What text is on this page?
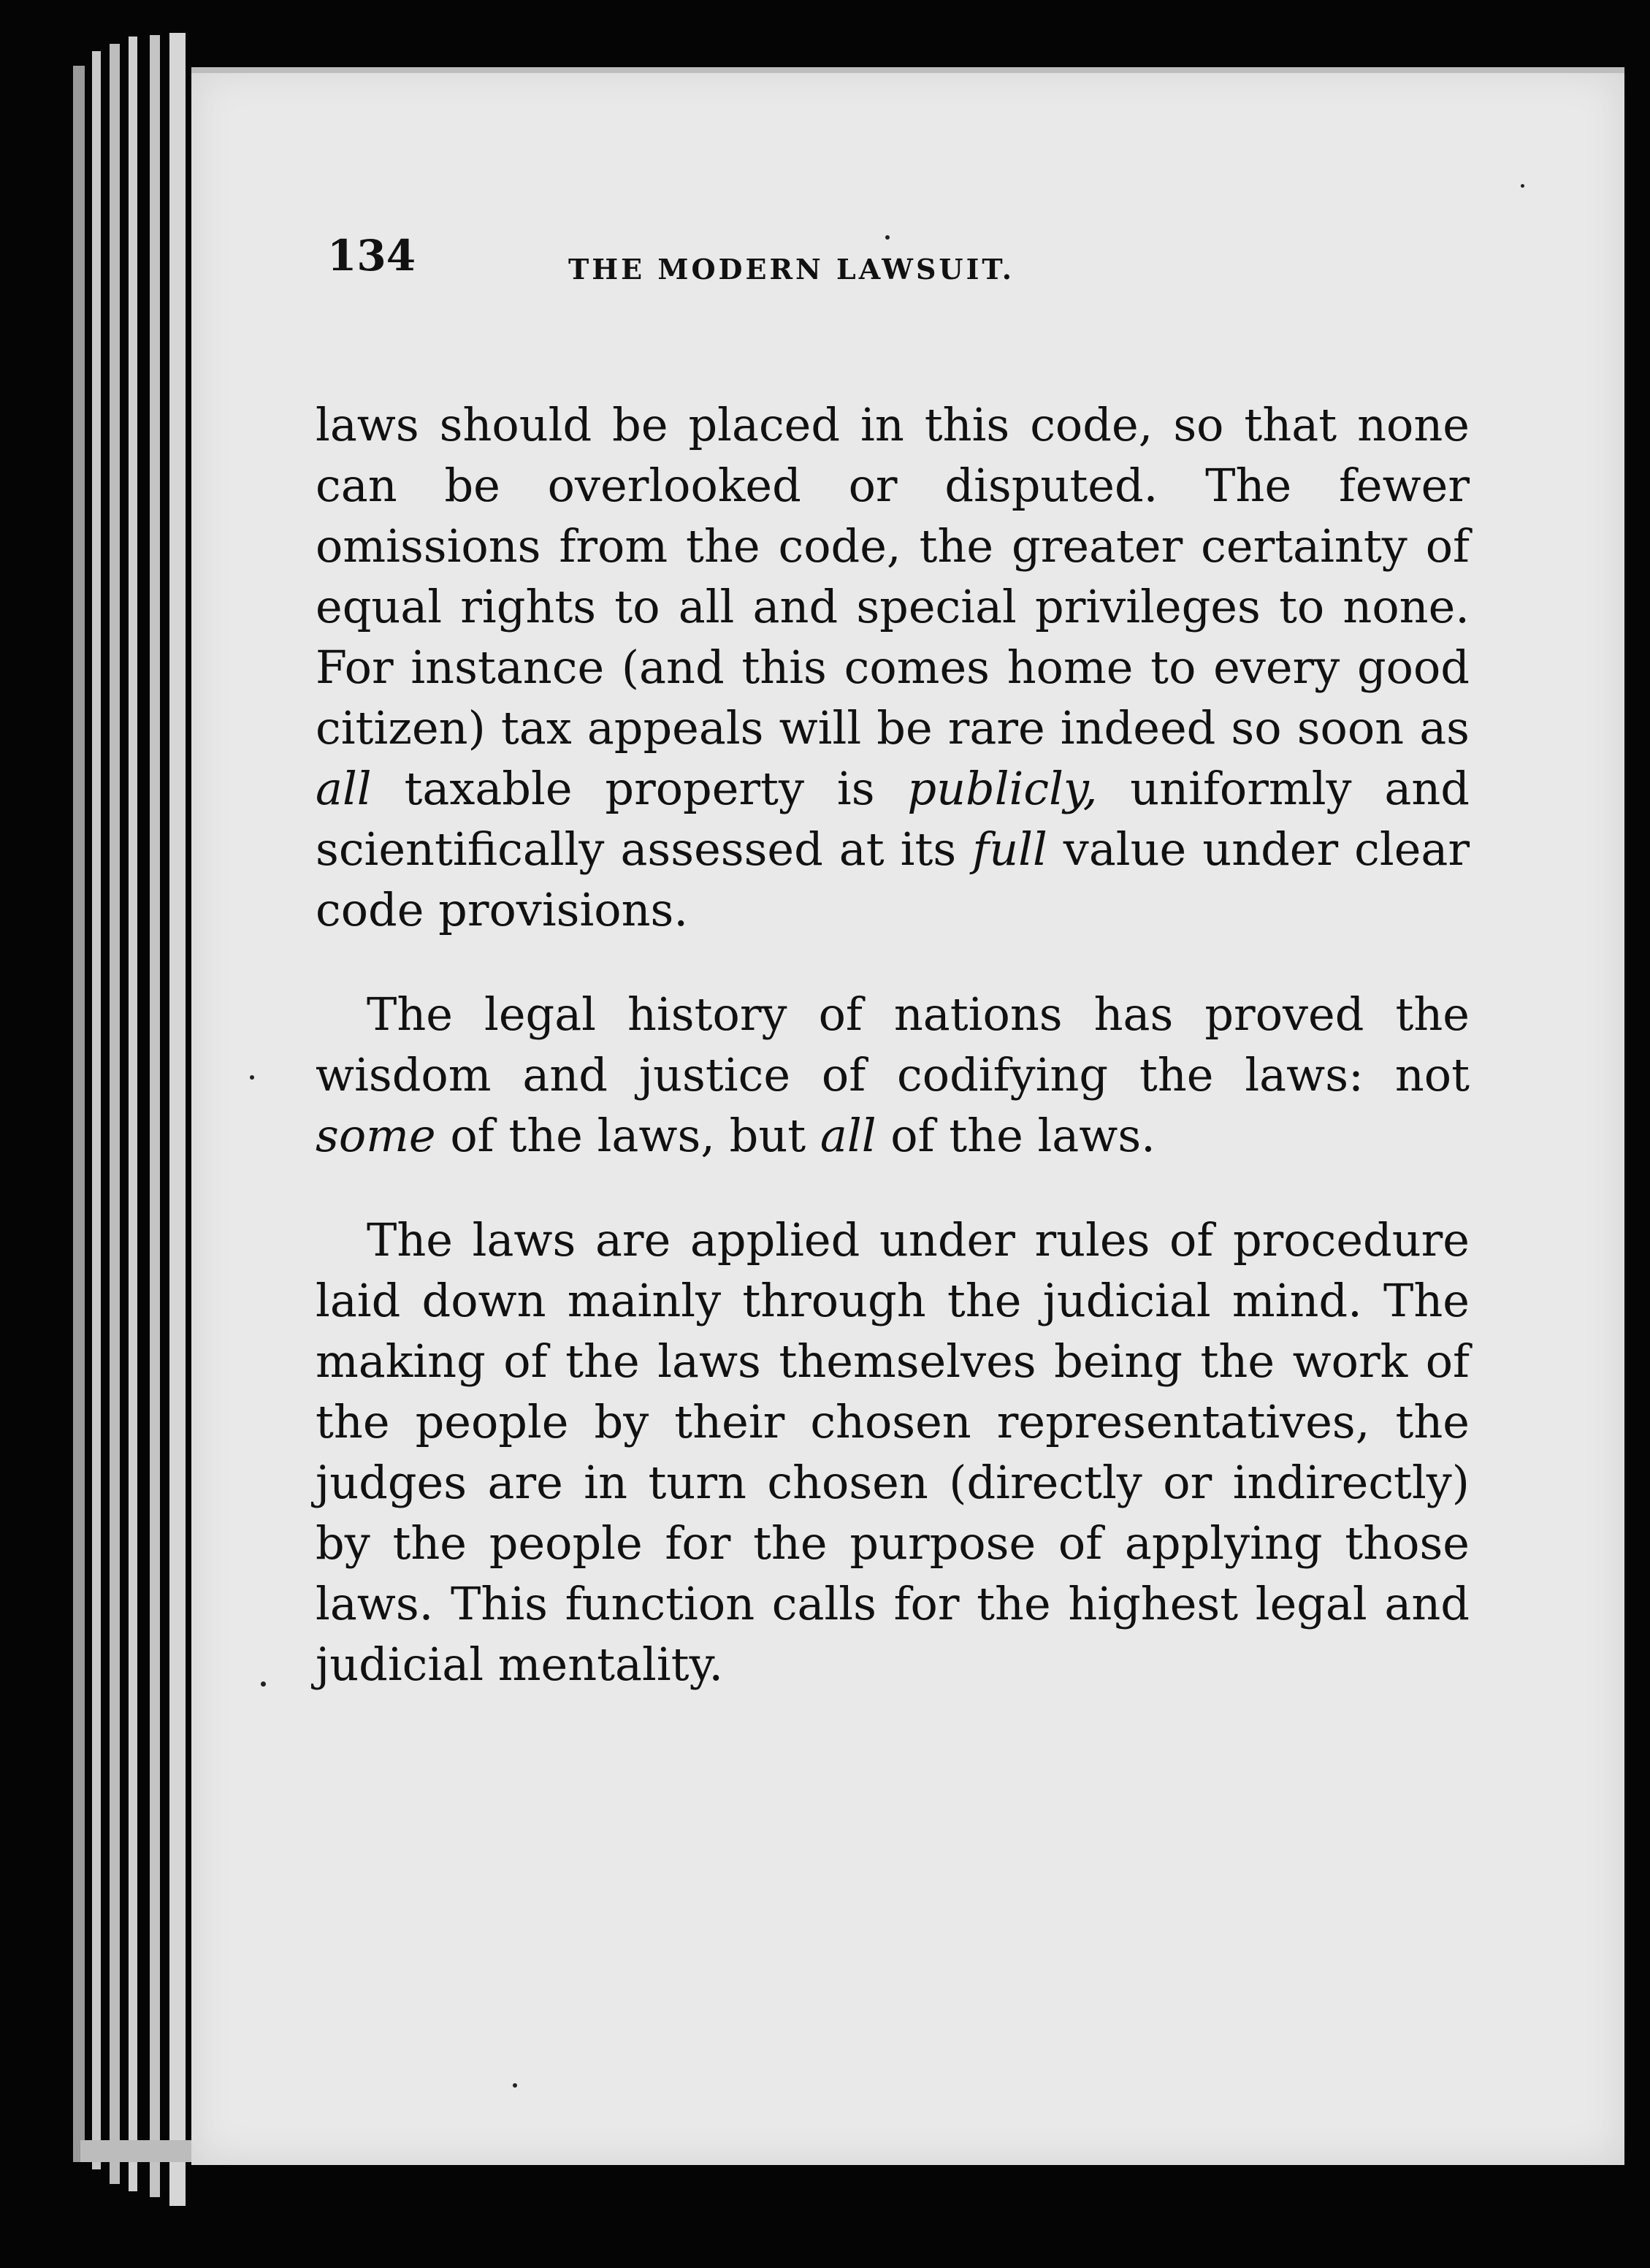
134	THE MODERN LAWSUIT.

laws should be placed in this code, so that none can be overlooked or disputed. The fewer omissions from the code, the greater certainty of equal rights to all and special privileges to none. For instance (and this comes home to every good citizen) tax appeals will be rare indeed so soon as all taxable property is publicly, uniformly and scientifically assessed at its full value under clear code provisions.

The legal history of nations has proved the wisdom and justice of codifying the laws: not some of the laws, but all of the laws.

The laws are applied under rules of procedure laid down mainly through the judicial mind. The making of the laws themselves being the work of the people by their chosen representatives, the judges are in turn chosen (directly or indirectly) by the people for the purpose of applying those laws. This function calls for the highest legal and judicial mentality.
